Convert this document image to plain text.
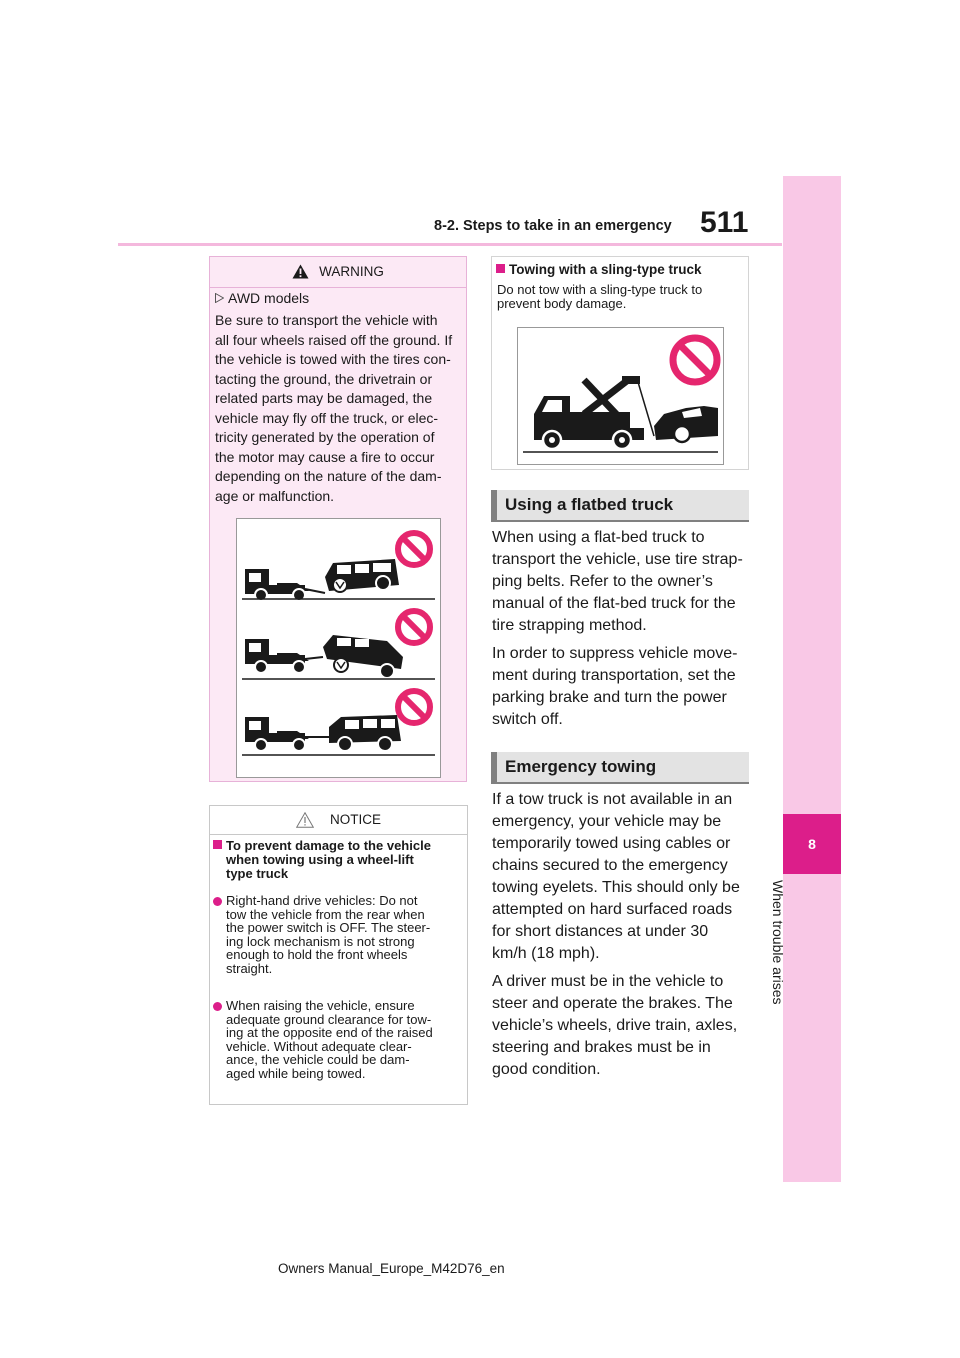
511
8-2. Steps to take in an emergency
8
When trouble arises
WARNING
AWD models
Be sure to transport the vehicle with
all four wheels raised off the ground. If
the vehicle is towed with the tires con-
tacting the ground, the drivetrain or
related parts may be damaged, the
vehicle may fly off the truck, or elec-
tricity generated by the operation of
the motor may cause a fire to occur
depending on the nature of the dam-
age or malfunction.
NOTICE
To prevent damage to the vehicle
when towing using a wheel-lift
type truck
Right-hand drive vehicles: Do not
tow the vehicle from the rear when
the power switch is OFF. The steer-
ing lock mechanism is not strong
enough to hold the front wheels
straight.
When raising the vehicle, ensure
adequate ground clearance for tow-
ing at the opposite end of the raised
vehicle. Without adequate clear-
ance, the vehicle could be dam-
aged while being towed.
Towing with a sling-type truck
Do not tow with a sling-type truck to
prevent body damage.
Using a flatbed truck
When using a flat-bed truck to
transport the vehicle, use tire strap-
ping belts. Refer to the owner’s
manual of the flat-bed truck for the
tire strapping method.
In order to suppress vehicle move-
ment during transportation, set the
parking brake and turn the power
switch off.
Emergency towing
If a tow truck is not available in an
emergency, your vehicle may be
temporarily towed using cables or
chains secured to the emergency
towing eyelets. This should only be
attempted on hard surfaced roads
for short distances at under 30
km/h (18 mph).
A driver must be in the vehicle to
steer and operate the brakes. The
vehicle’s wheels, drive train, axles,
steering and brakes must be in
good condition.
Owners Manual_Europe_M42D76_en
